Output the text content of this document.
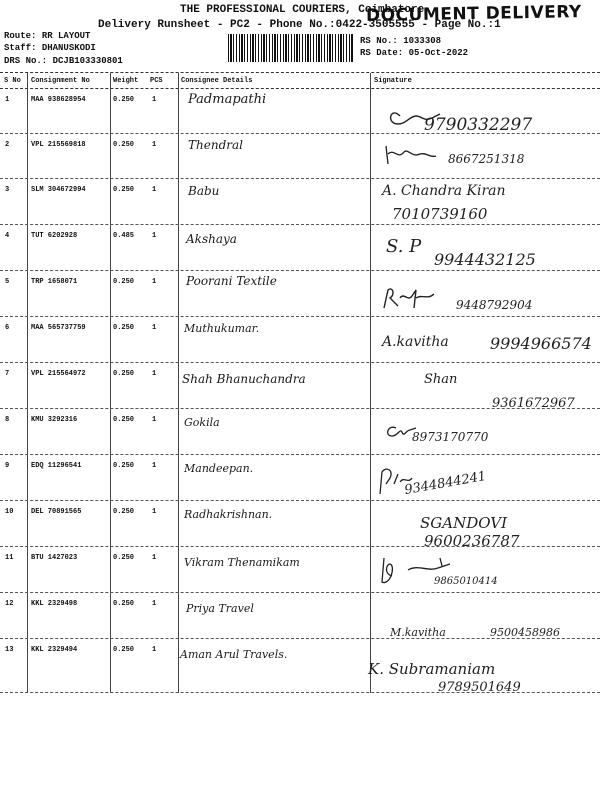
THE PROFESSIONAL COURIERS, Coimbatore
DOCUMENT DELIVERY
Delivery Runsheet - PC2 - Phone No.:0422-3505555 - Page No.:1
Route: RR LAYOUT
Staff: DHANUSKODI
DRS No.: DCJB103330801
RS No.: 1033308
RS Date: 05-Oct-2022
S No Consignment No	Weight PCS	Consignee Details	Signature
1	MAA 938628954	0.250	1 Padmapathi
9790332297
2	VPL 215569818	0.250	1	Thendral
8667251318
3	SLM 304672994	0.250	1	Babu	A. Chandra Kiran
7010739160
4	TUT 6202928	0.485	1 Akshaya	S. P
9944432125
5	TRP 1658071	0.250	1 Poorani Textile
9448792904
6	MAA 565737759	0.250	1	Muthukumar.
A.kavitha	9994966574
7	VPL 215564972	0.250	1 Shah Bhanuchandra	Shan
9361672967
8	KMU 3292316	0.250	1	Gokila
8973170770
9	EDQ 11296541	0.250	1	Mandeepan.
9344844241
10	DEL 70891565	0.250	1	Radhakrishnan.	SGANDOVI
9600236787
11	BTU 1427023	0.250	1	Vikram Thenamikam
9865010414
12	KKL 2329498	0.250	1	Priya Travel
M.kavitha	9500458986
13	KKL 2329494	0.250	1 Aman Arul Travels.
K. Subramaniam
9789501649
